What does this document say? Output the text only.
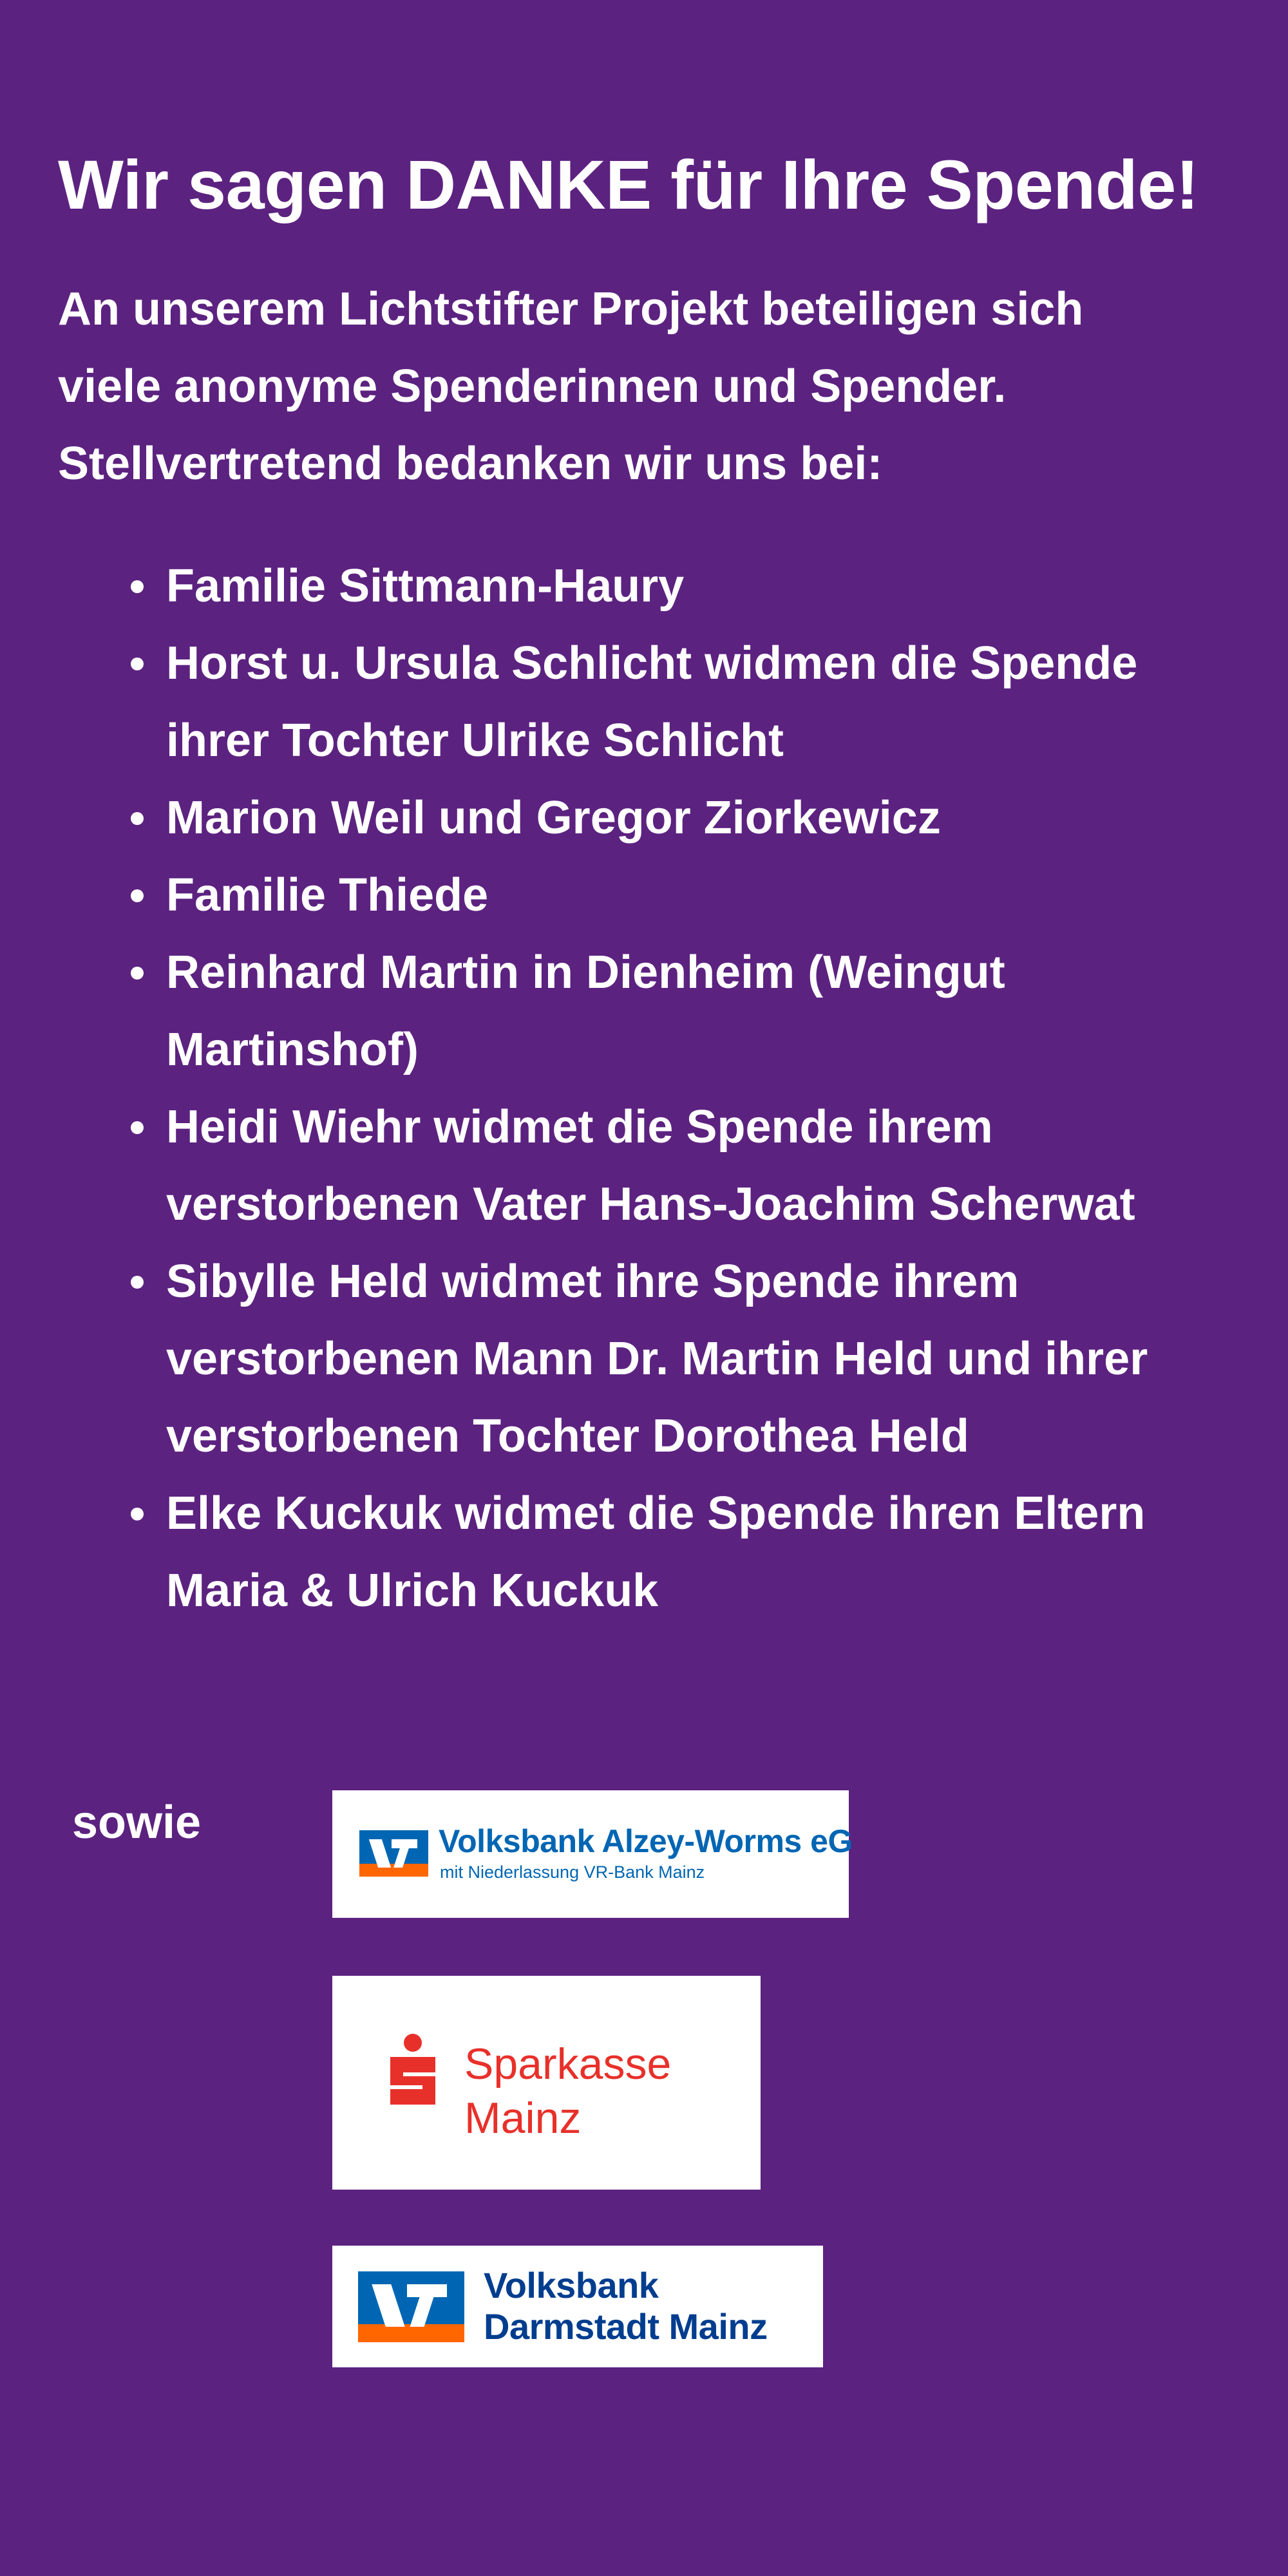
Wir sagen DANKE für Ihre Spende!

An unserem Lichtstifter Projekt beteiligen sich
viele anonyme Spenderinnen und Spender.
Stellvertretend bedanken wir uns bei:

Familie Sittmann-Haury
Horst u. Ursula Schlicht widmen die Spende
ihrer Tochter Ulrike Schlicht
Marion Weil und Gregor Ziorkewicz
Familie Thiede
Reinhard Martin in Dienheim (Weingut
Martinshof)
Heidi Wiehr widmet die Spende ihrem
verstorbenen Vater Hans-Joachim Scherwat
Sibylle Held widmet ihre Spende ihrem
verstorbenen Mann Dr. Martin Held und ihrer
verstorbenen Tochter Dorothea Held
Elke Kuckuk widmet die Spende ihren Eltern
Maria & Ulrich Kuckuk

sowie	Volksbank Alzey-Worms eG
mit Niederlassung VR-Bank Mainz
Sparkasse
Mainz
Volksbank
Darmstadt Mainz
